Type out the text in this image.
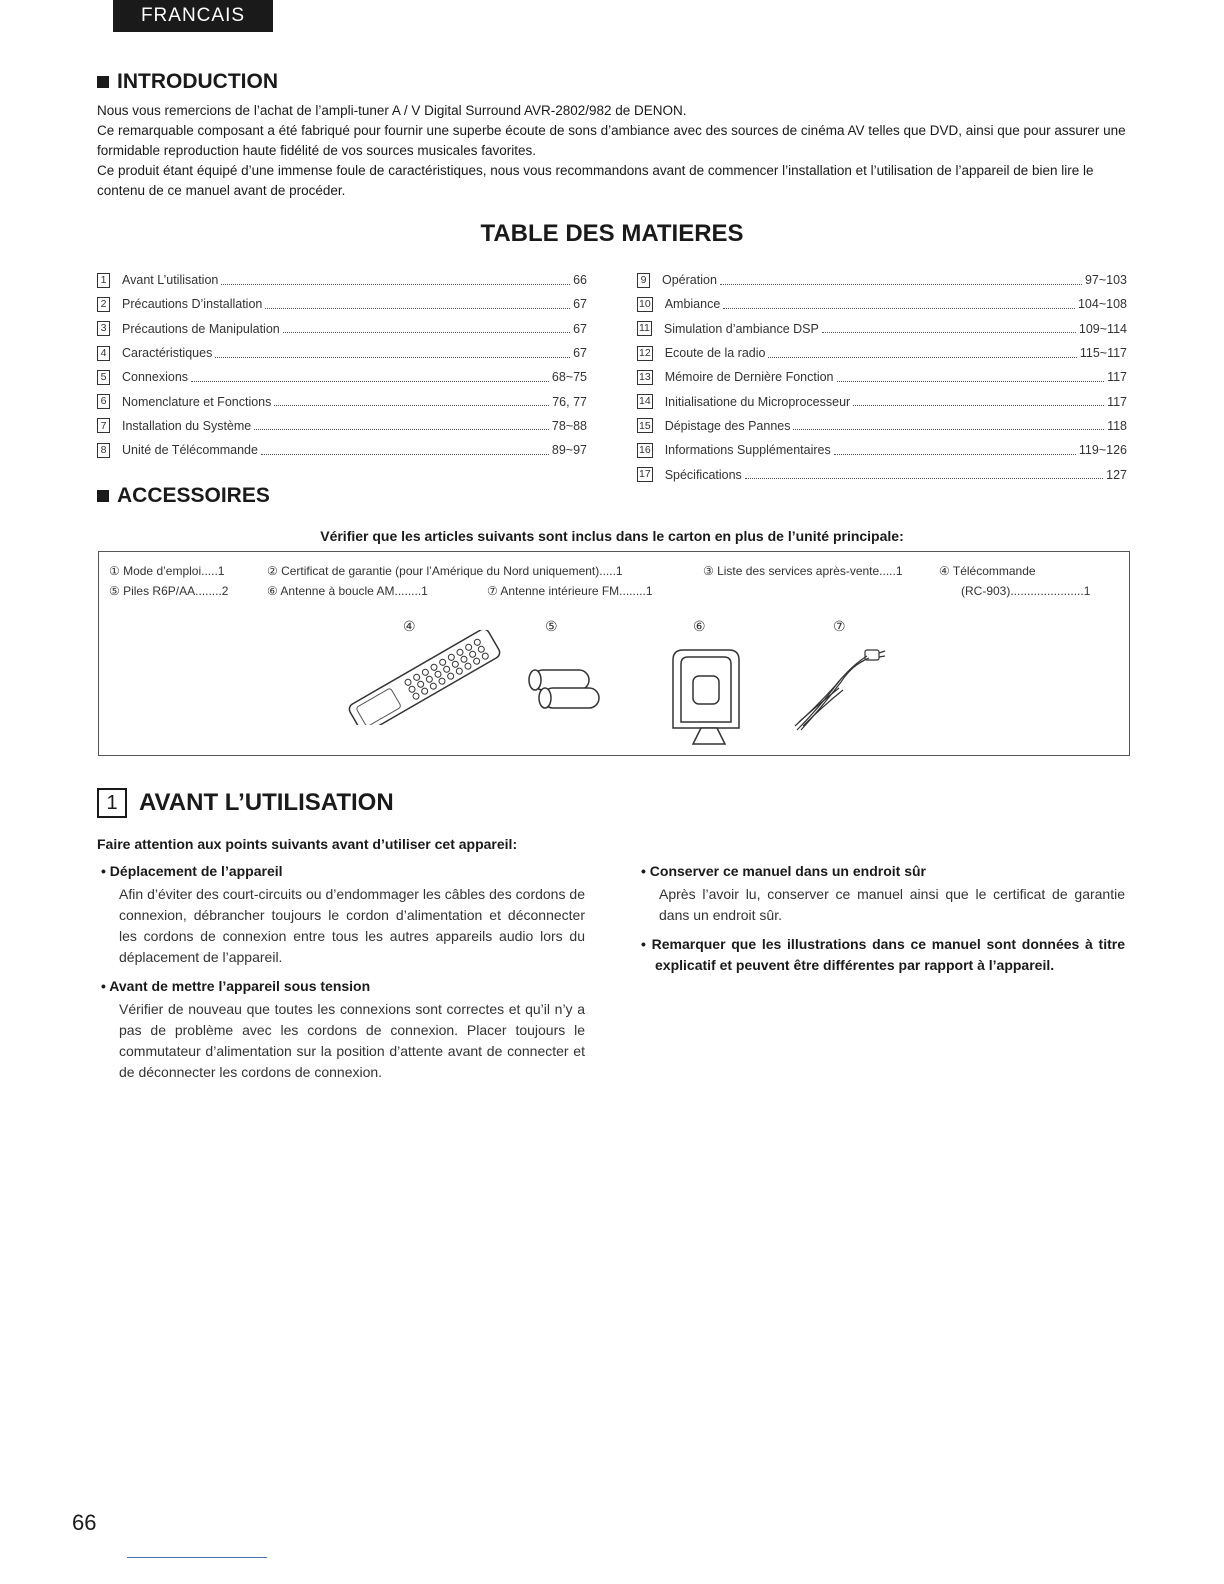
FRANCAIS
INTRODUCTION

Nous vous remercions de l’achat de l’ampli-tuner A / V Digital Surround AVR-2802/982 de DENON.

Ce remarquable composant a été fabriqué pour fournir une superbe écoute de sons d’ambiance avec des sources de cinéma AV telles que DVD, ainsi que pour assurer une formidable reproduction haute fidélité de vos sources musicales favorites.

Ce produit étant équipé d’une immense foule de caractéristiques, nous vous recommandons avant de commencer l’installation et l’utilisation de l’appareil de bien lire le contenu de ce manuel avant de procéder.

TABLE DES MATIERES
1 Avant L’utilisation	66
2 Précautions D’installation	67
3 Précautions de Manipulation	67
4 Caractéristiques	67
5 Connexions	68~75
6 Nomenclature et Fonctions	76, 77
7 Installation du Système	78~88
8 Unité de Télécommande	89~97
9 Opération	97~103
10 Ambiance	104~108
11 Simulation d’ambiance DSP	109~114
12 Ecoute de la radio	115~117
13 Mémoire de Dernière Fonction	117
14 Initialisatione du Microprocesseur	117
15 Dépistage des Pannes	118
16 Informations Supplémentaires	119~126
17 Spécifications	127
ACCESSOIRES
Vérifier que les articles suivants sont inclus dans le carton en plus de l’unité principale:
① Mode d’emploi.....1	② Certificat de garantie (pour l’Amérique du Nord uniquement).....1	③ Liste des services après-vente.....1	④ Télécommande
⑤ Piles R6P/AA........2	⑥ Antenne à boucle AM........1	⑦ Antenne intérieure FM........1	(RC-903)......................1
④	⑤	⑥	⑦
1 AVANT L’UTILISATION
Faire attention aux points suivants avant d’utiliser cet appareil:

• Déplacement de l’appareil

Afin d’éviter des court-circuits ou d’endommager les câbles des cordons de connexion, débrancher toujours le cordon d’alimentation et déconnecter les cordons de connexion entre tous les autres appareils audio lors du déplacement de l’appareil.

• Avant de mettre l’appareil sous tension

Vérifier de nouveau que toutes les connexions sont correctes et qu’il n’y a pas de problème avec les cordons de connexion. Placer toujours le commutateur d’alimentation sur la position d’attente avant de connecter et de déconnecter les cordons de connexion.

• Conserver ce manuel dans un endroit sûr

Après l’avoir lu, conserver ce manuel ainsi que le certificat de garantie dans un endroit sûr.

• Remarquer que les illustrations dans ce manuel sont données à titre explicatif et peuvent être différentes par rapport à l’appareil.

66
